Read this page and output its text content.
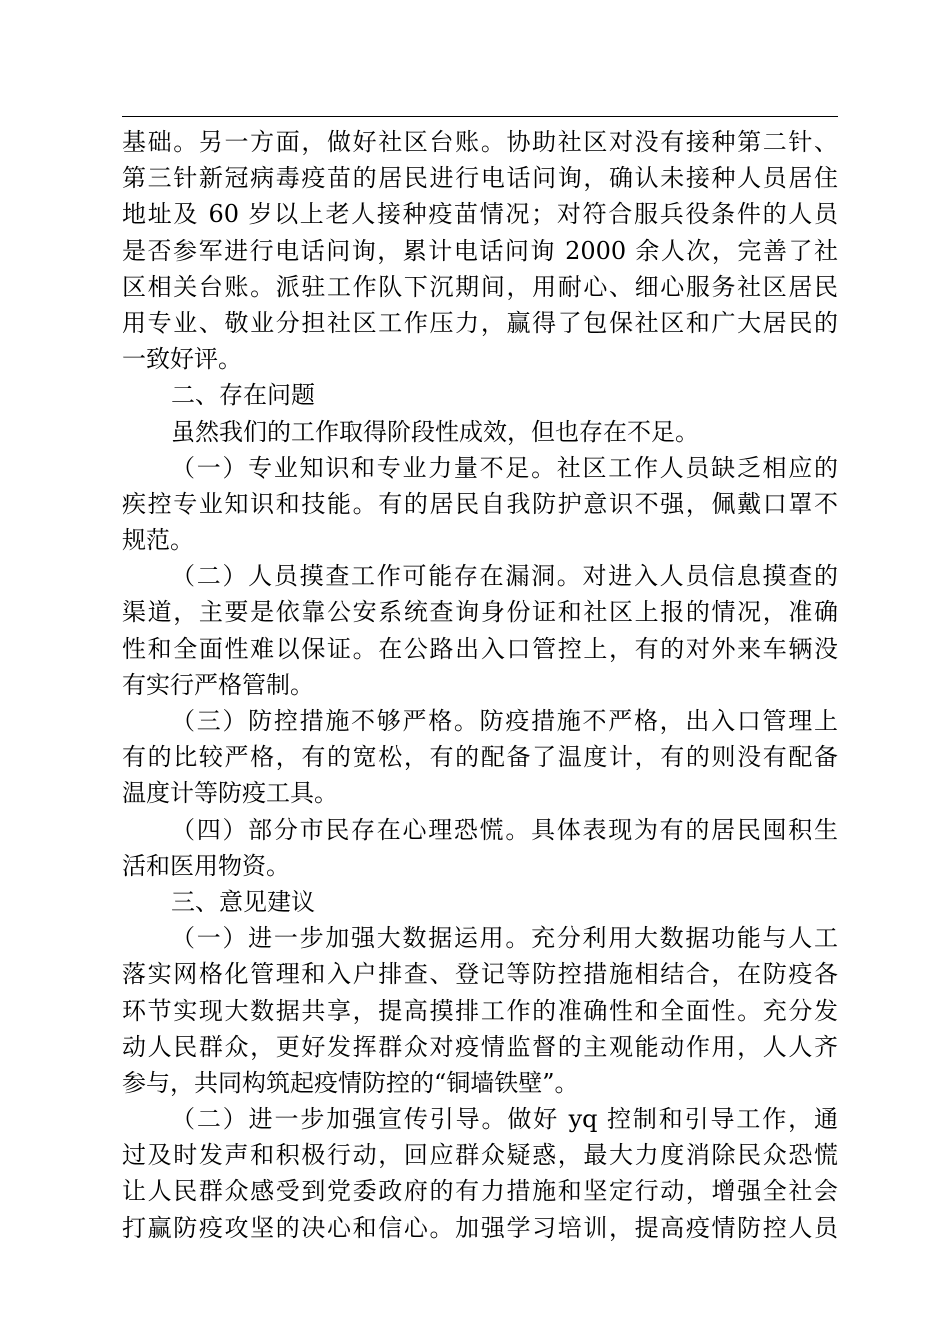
基础。另一方面，做好社区台账。协助社区对没有接种第二针、
第三针新冠病毒疫苗的居民进行电话问询，确认未接种人员居住
地址及 60 岁以上老人接种疫苗情况；对符合服兵役条件的人员
是否参军进行电话问询，累计电话问询 2000 余人次，完善了社
区相关台账。派驻工作队下沉期间，用耐心、细心服务社区居民
用专业、敬业分担社区工作压力，赢得了包保社区和广大居民的
一致好评。
二、存在问题
虽然我们的工作取得阶段性成效，但也存在不足。
（一）专业知识和专业力量不足。社区工作人员缺乏相应的
疾控专业知识和技能。有的居民自我防护意识不强，佩戴口罩不
规范。
（二）人员摸查工作可能存在漏洞。对进入人员信息摸查的
渠道，主要是依靠公安系统查询身份证和社区上报的情况，准确
性和全面性难以保证。在公路出入口管控上，有的对外来车辆没
有实行严格管制。
（三）防控措施不够严格。防疫措施不严格，出入口管理上
有的比较严格，有的宽松，有的配备了温度计，有的则没有配备
温度计等防疫工具。
（四）部分市民存在心理恐慌。具体表现为有的居民囤积生
活和医用物资。
三、意见建议
（一）进一步加强大数据运用。充分利用大数据功能与人工
落实网格化管理和入户排查、登记等防控措施相结合，在防疫各
环节实现大数据共享，提高摸排工作的准确性和全面性。充分发
动人民群众，更好发挥群众对疫情监督的主观能动作用，人人齐
参与，共同构筑起疫情防控的“铜墙铁壁”。
（二）进一步加强宣传引导。做好 yq 控制和引导工作，通
过及时发声和积极行动，回应群众疑惑，最大力度消除民众恐慌
让人民群众感受到党委政府的有力措施和坚定行动，增强全社会
打赢防疫攻坚的决心和信心。加强学习培训，提高疫情防控人员
